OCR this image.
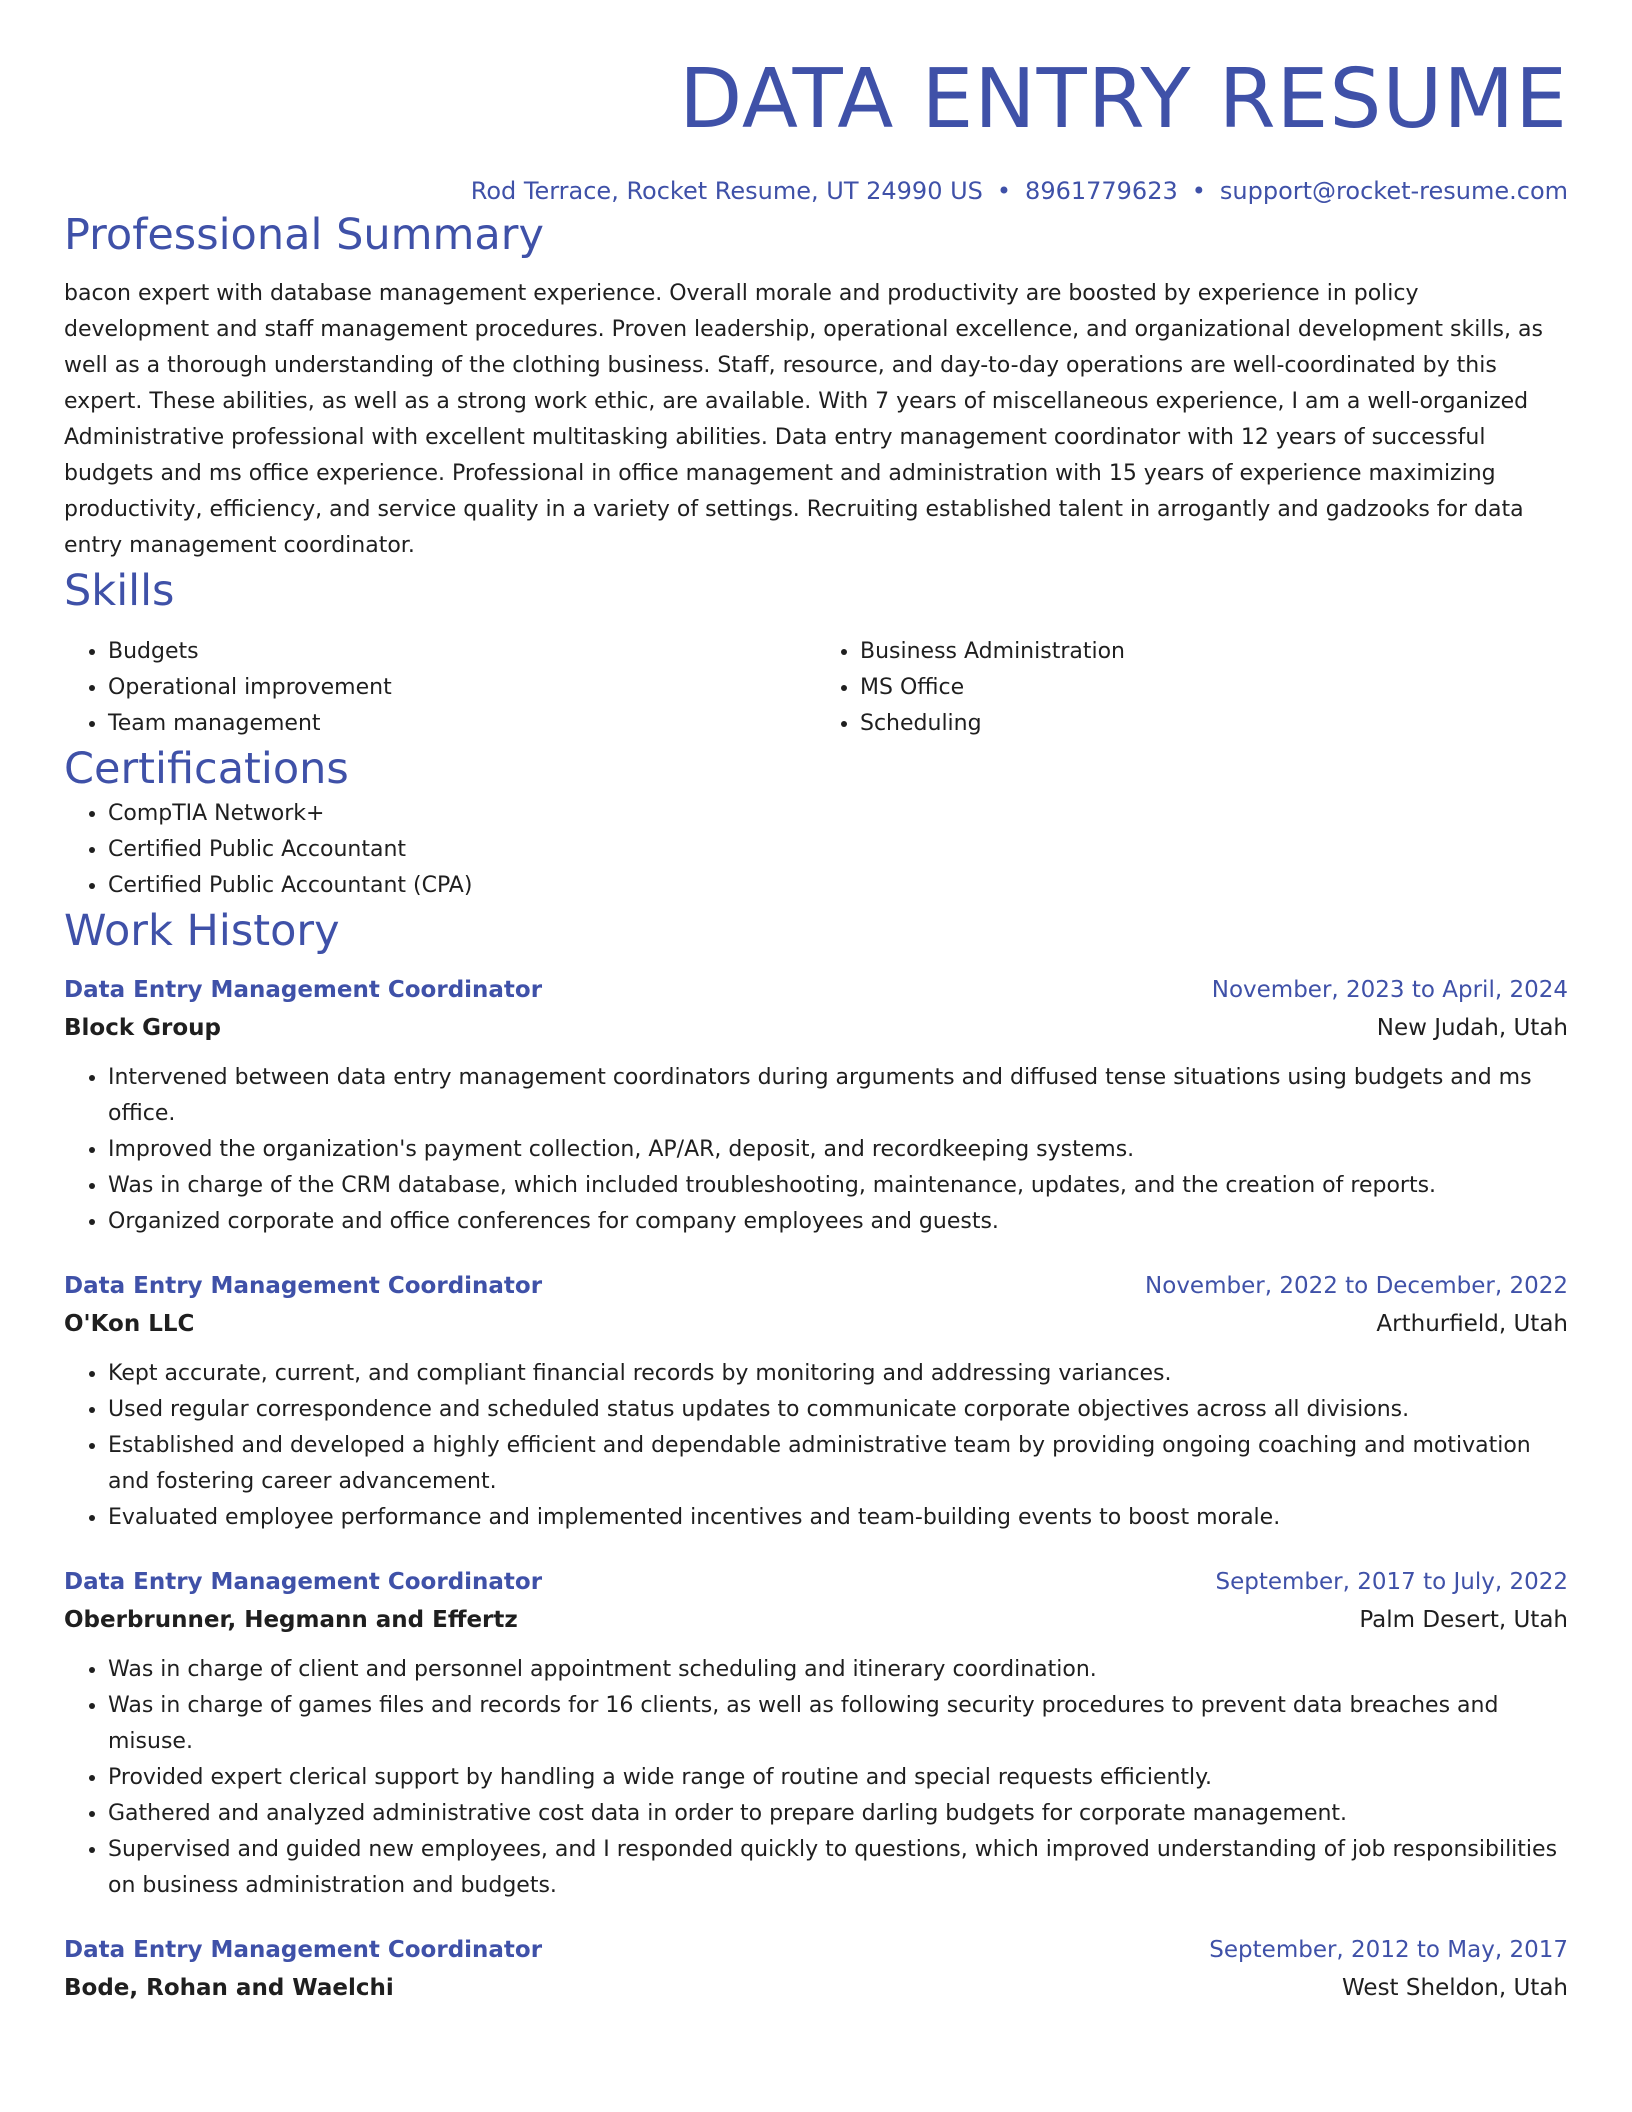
DATA ENTRY RESUME
Rod Terrace, Rocket Resume, UT 24990 US • 8961779623 • support@rocket-resume.com
Professional Summary

bacon expert with database management experience. Overall morale and productivity are boosted by experience in policy development and staff management procedures. Proven leadership, operational excellence, and organizational development skills, as well as a thorough understanding of the clothing business. Staff, resource, and day-to-day operations are well-coordinated by this expert. These abilities, as well as a strong work ethic, are available. With 7 years of miscellaneous experience, I am a well-organized Administrative professional with excellent multitasking abilities. Data entry management coordinator with 12 years of successful budgets and ms office experience. Professional in office management and administration with 15 years of experience maximizing productivity, efficiency, and service quality in a variety of settings. Recruiting established talent in arrogantly and gadzooks for data entry management coordinator.

Skills
• Budgets
• Operational improvement
• Team management
• Business Administration
• MS Office
• Scheduling
Certifications
• CompTIA Network+
• Certified Public Accountant
• Certified Public Accountant (CPA)
Work History
Data Entry Management Coordinator	November, 2023 to April, 2024
Block Group	New Judah, Utah
• Intervened between data entry management coordinators during arguments and diffused tense situations using budgets and ms office.
• Improved the organization's payment collection, AP/AR, deposit, and recordkeeping systems.
• Was in charge of the CRM database, which included troubleshooting, maintenance, updates, and the creation of reports.
• Organized corporate and office conferences for company employees and guests.
Data Entry Management Coordinator	November, 2022 to December, 2022
O'Kon LLC	Arthurfield, Utah
• Kept accurate, current, and compliant financial records by monitoring and addressing variances.
• Used regular correspondence and scheduled status updates to communicate corporate objectives across all divisions.
• Established and developed a highly efficient and dependable administrative team by providing ongoing coaching and motivation and fostering career advancement.
• Evaluated employee performance and implemented incentives and team-building events to boost morale.
Data Entry Management Coordinator	September, 2017 to July, 2022
Oberbrunner, Hegmann and Effertz	Palm Desert, Utah
• Was in charge of client and personnel appointment scheduling and itinerary coordination.
• Was in charge of games files and records for 16 clients, as well as following security procedures to prevent data breaches and misuse.
• Provided expert clerical support by handling a wide range of routine and special requests efficiently.
• Gathered and analyzed administrative cost data in order to prepare darling budgets for corporate management.
• Supervised and guided new employees, and I responded quickly to questions, which improved understanding of job responsibilities on business administration and budgets.
Data Entry Management Coordinator	September, 2012 to May, 2017
Bode, Rohan and Waelchi	West Sheldon, Utah
